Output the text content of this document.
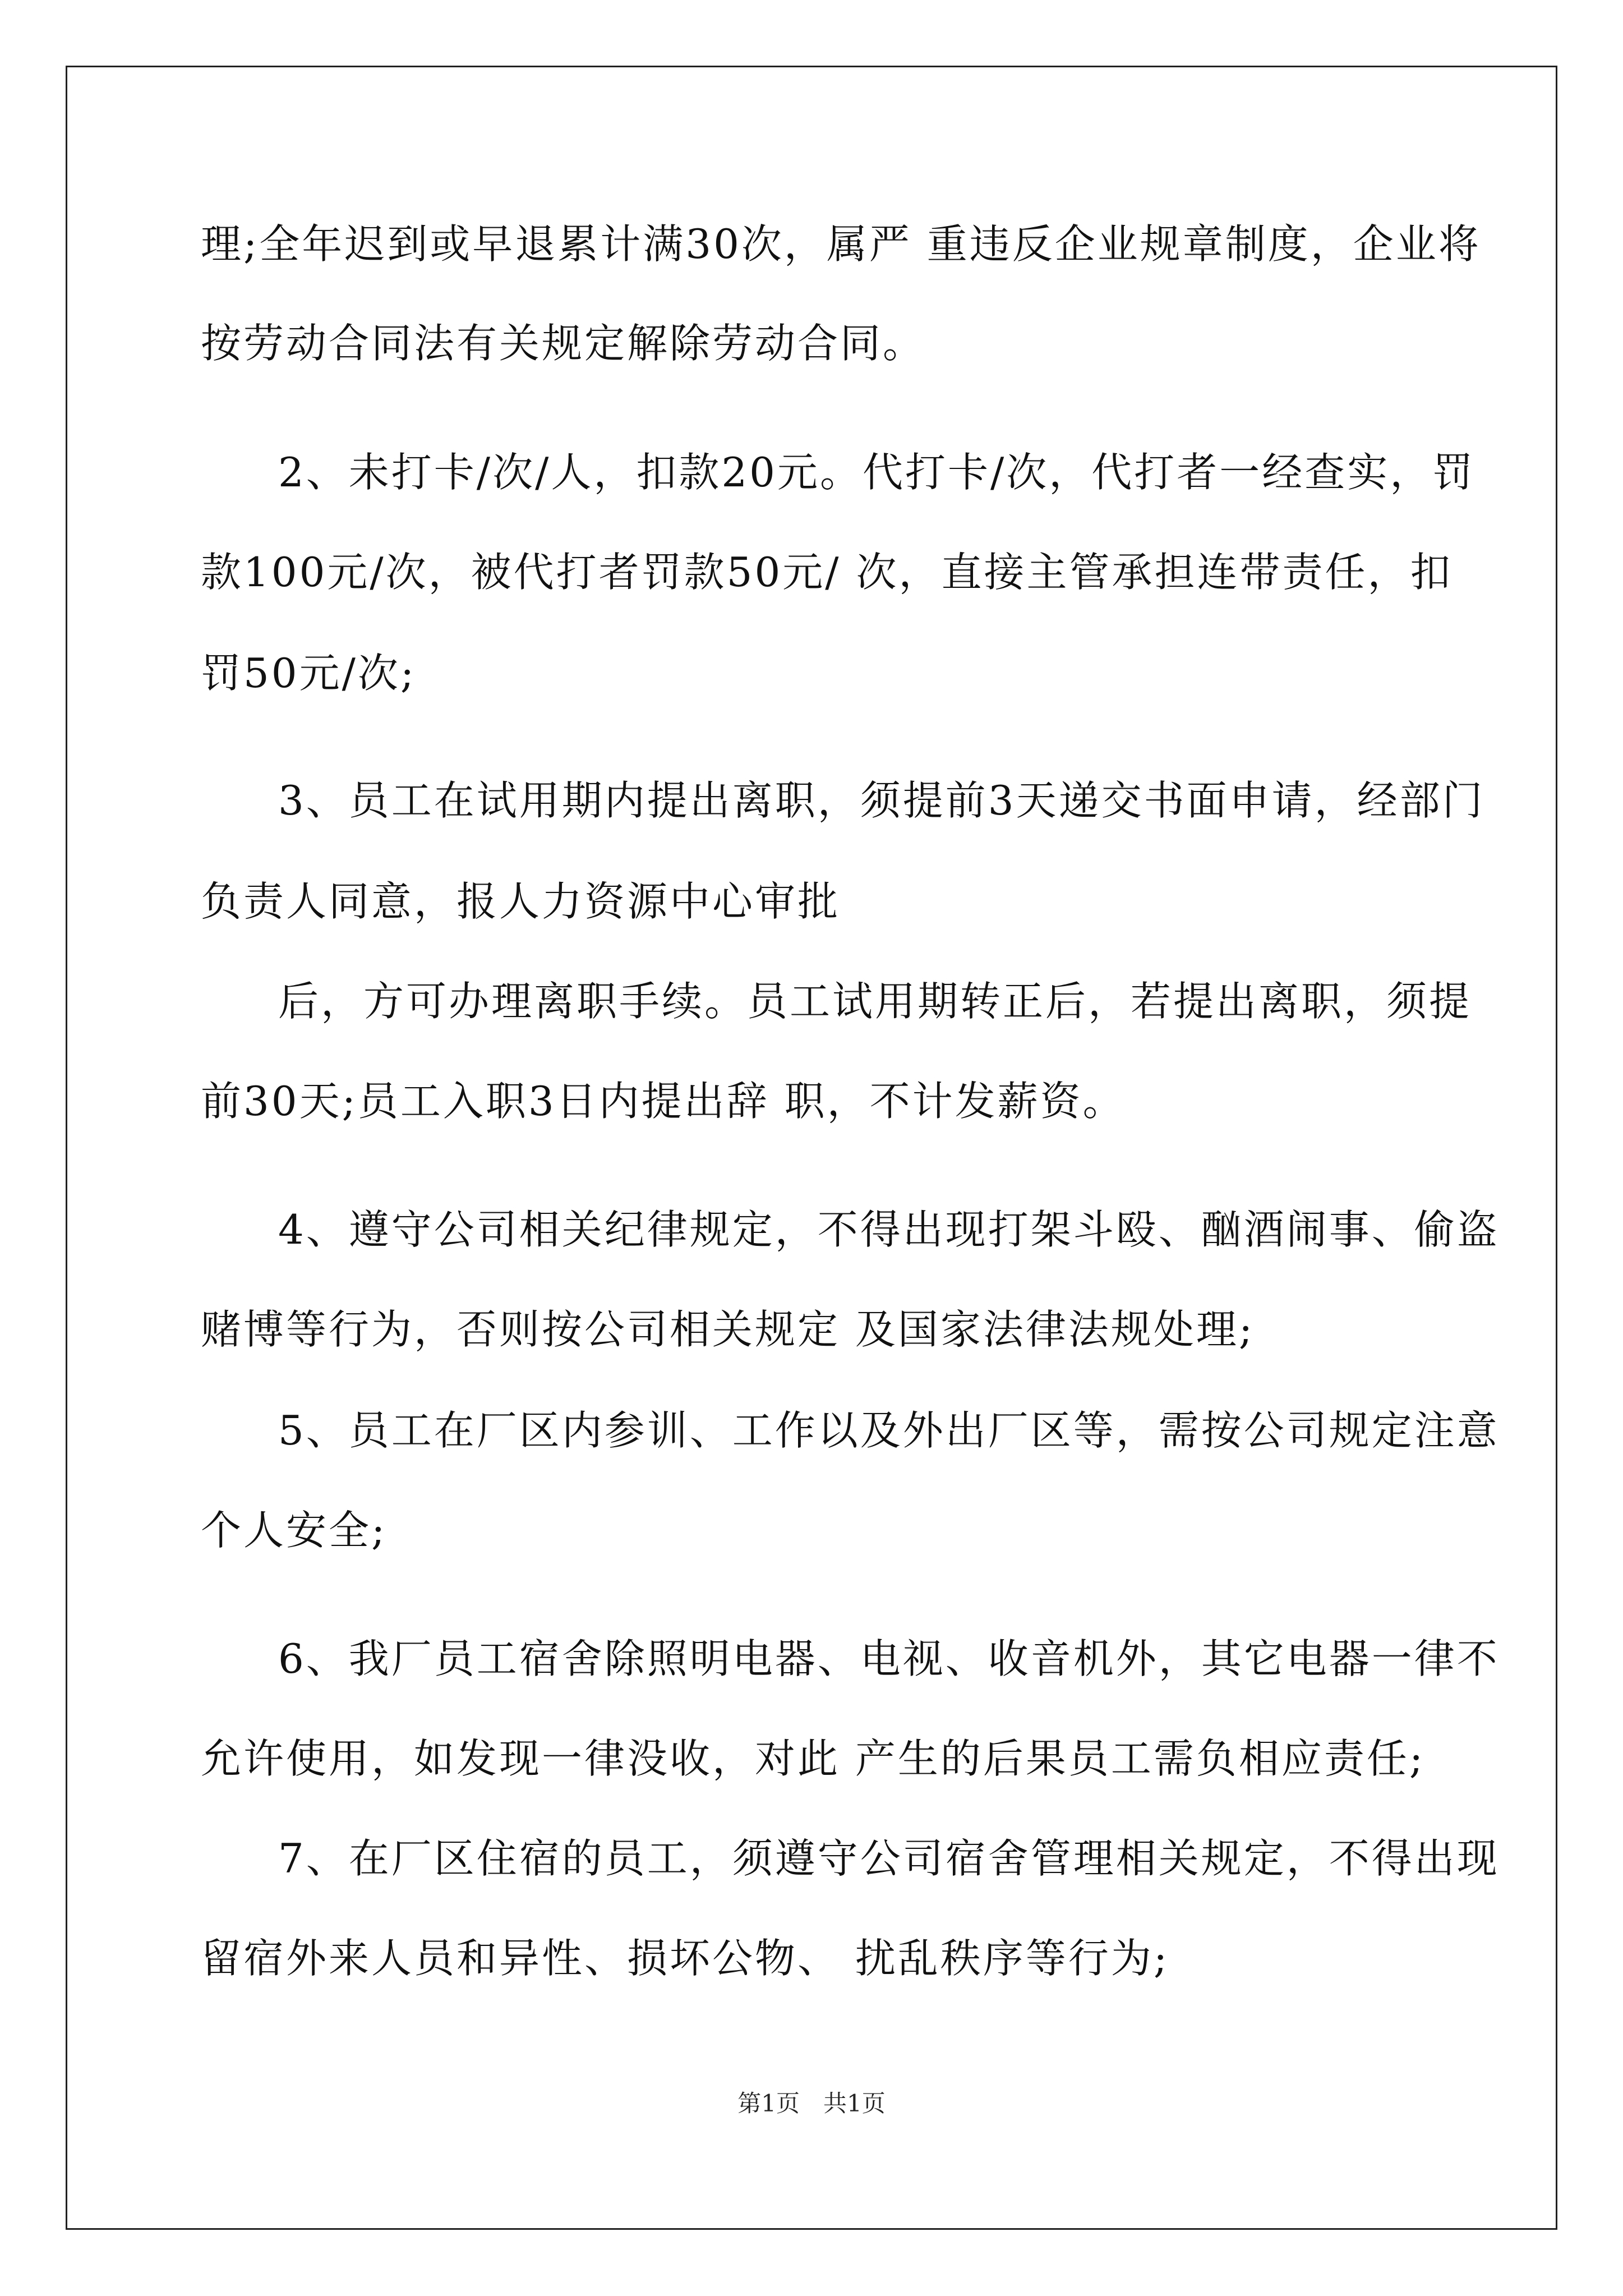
理;全年迟到或早退累计满30次，属严 重违反企业规章制度，企业将
按劳动合同法有关规定解除劳动合同。
2、未打卡/次/人，扣款20元。代打卡/次，代打者一经查实，罚
款100元/次，被代打者罚款50元/ 次，直接主管承担连带责任，扣
罚50元/次;
3、员工在试用期内提出离职，须提前3天递交书面申请，经部门
负责人同意，报人力资源中心审批
后，方可办理离职手续。员工试用期转正后，若提出离职，须提
前30天;员工入职3日内提出辞 职，不计发薪资。
4、遵守公司相关纪律规定，不得出现打架斗殴、酗酒闹事、偷盗
赌博等行为，否则按公司相关规定 及国家法律法规处理;
5、员工在厂区内参训、工作以及外出厂区等，需按公司规定注意
个人安全;
6、我厂员工宿舍除照明电器、电视、收音机外，其它电器一律不
允许使用，如发现一律没收，对此 产生的后果员工需负相应责任;
7、在厂区住宿的员工，须遵守公司宿舍管理相关规定，不得出现
留宿外来人员和异性、损坏公物、 扰乱秩序等行为;
第1页　共1页
